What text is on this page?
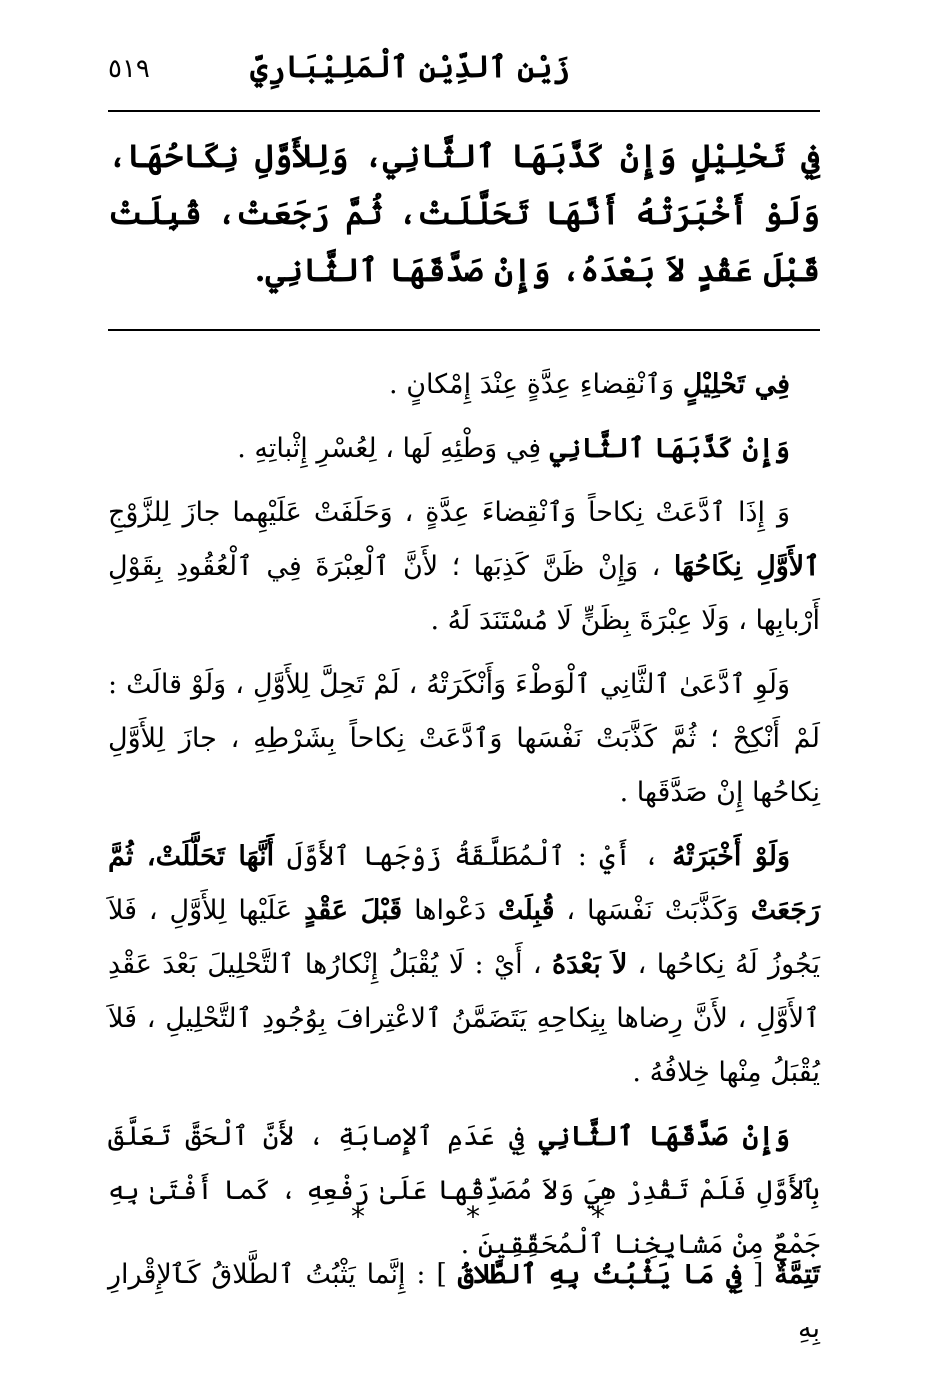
زَيْن ٱلدِّيْن ٱلْمَلِيْبَارِيّ
٥١٩
فِي تَحْلِيْلٍ وَإِنْ كَذَّبَهَا ٱلثَّانِي، وَلِلأَوَّلِ نِكَاحُهَا، وَلَوْ أَخْبَرَتْهُ أَنَّهَا تَحَلَّلَتْ، ثُمَّ رَجَعَتْ، قُبِلَتْ قَبْلَ عَقْدٍ لاَ بَعْدَهُ، وَإِنْ صَدَّقَهَا ٱلثَّانِي.

فِي تَحْلِيْلٍ وَٱنْقِضاءِ عِدَّةٍ عِنْدَ إِمْكانٍ .

وَإِنْ كَذَّبَهَا ٱلثَّانِي فِي وَطْئِهِ لَها ، لِعُسْرِ إِثْباتِهِ .

وَ إِذَا ٱدَّعَتْ نِكاحاً وَٱنْقِضاءَ عِدَّةٍ ، وَحَلَفَتْ عَلَيْهِما جازَ لِلزَّوْجِ ٱلأَوَّلِ نِكَاحُهَا ، وَإِنْ ظَنَّ كَذِبَها ؛ لأَنَّ ٱلْعِبْرَةَ فِي ٱلْعُقُودِ بِقَوْلِ أَرْبابِها ، وَلَا عِبْرَةَ بِظَنٍّ لَا مُسْتَنَدَ لَهُ .

وَلَوِ ٱدَّعَىٰ ٱلثَّانِي ٱلْوَطْءَ وَأَنْكَرَتْهُ ، لَمْ تَحِلَّ لِلأَوَّلِ ، وَلَوْ قالَتْ : لَمْ أَنْكِحْ ؛ ثُمَّ كَذَّبَتْ نَفْسَها وَٱدَّعَتْ نِكاحاً بِشَرْطِهِ ، جازَ لِلأَوَّلِ نِكاحُها إِنْ صَدَّقَها .

وَلَوْ أَخْبَرَتْهُ ، أَيْ : ٱلْمُطَلَّقَةُ زَوْجَها ٱلأَوَّلَ أَنَّهَا تَحَلَّلَتْ، ثُمَّ رَجَعَتْ وَكَذَّبَتْ نَفْسَها ، قُبِلَتْ دَعْواها قَبْلَ عَقْدٍ عَلَيْها لِلأَوَّلِ ، فَلاَ يَجُوزُ لَهُ نِكاحُها ، لاَ بَعْدَهُ ، أَيْ : لَا يُقْبَلُ إِنْكارُها ٱلتَّحْلِيلَ بَعْدَ عَقْدِ ٱلأَوَّلِ ، لأَنَّ رِضاها بِنِكاحِهِ يَتَضَمَّنُ ٱلاعْتِرافَ بِوُجُودِ ٱلتَّحْلِيلِ ، فَلاَ يُقْبَلُ مِنْها خِلافُهُ .

وَإِنْ صَدَّقَهَا ٱلثَّانِي فِي عَدَمِ ٱلإِصابَةِ ، لأَنَّ ٱلْحَقَّ تَعَلَّقَ بِٱلأَوَّلِ فَلَمْ تَقْدِرْ هِيَ وَلاَ مُصَدِّقُها عَلَىٰ رَفْعِهِ ، كَما أَفْتَىٰ بِهِ جَمْعٌ مِنْ مَشايِخِنا ٱلْمُحَقِّقِينَ .

*
*
*
تَتِمَّةٌ [ فِي مَا يَثْبُتُ بِهِ ٱلطَّلاقُ ] : إِنَّما يَثْبُتُ ٱلطَّلاقُ كَٱلإِقْرارِ بِهِ
